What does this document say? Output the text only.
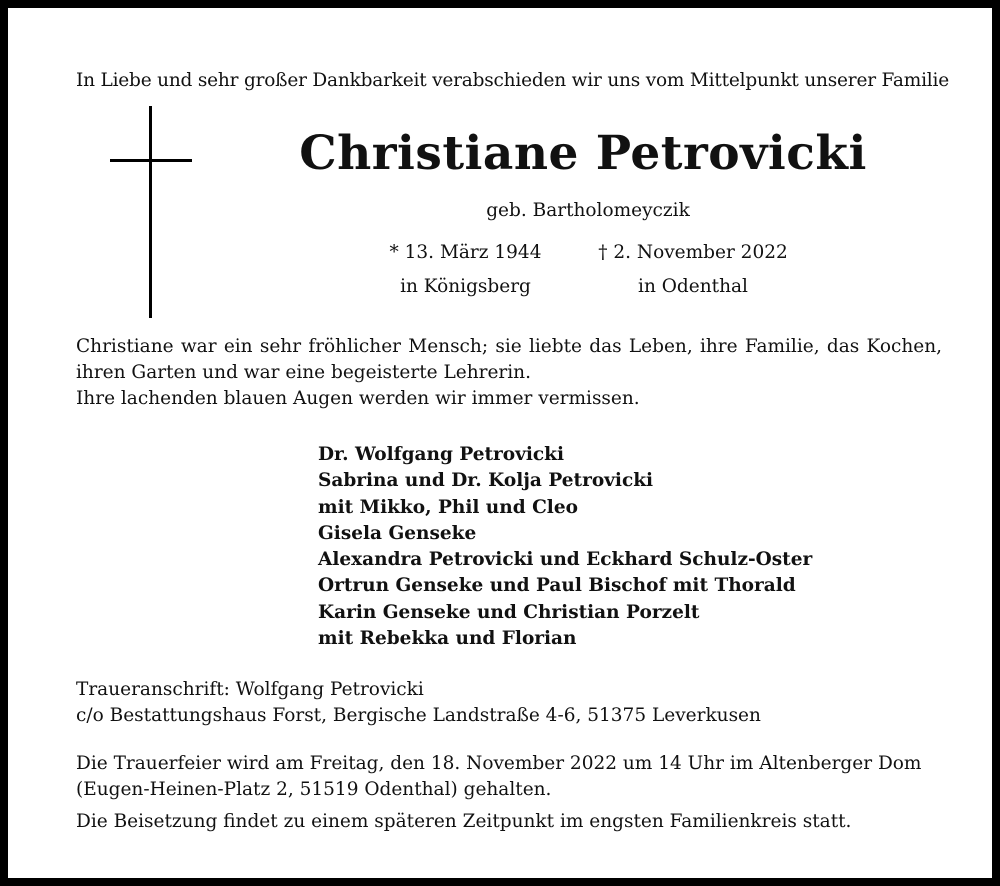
In Liebe und sehr großer Dankbarkeit verabschieden wir uns vom Mittelpunkt unserer Familie
Christiane Petrovicki
geb. Bartholomeyczik
* 13. März 1944
in Königsberg
† 2. November 2022
in Odenthal

Christiane war ein sehr fröhlicher Mensch; sie liebte das Leben, ihre Familie, das Kochen, ihren Garten und war eine begeisterte Lehrerin.

Ihre lachenden blauen Augen werden wir immer vermissen.

Dr. Wolfgang Petrovicki
Sabrina und Dr. Kolja Petrovicki
mit Mikko, Phil und Cleo
Gisela Genseke
Alexandra Petrovicki und Eckhard Schulz-Oster
Ortrun Genseke und Paul Bischof mit Thorald
Karin Genseke und Christian Porzelt
mit Rebekka und Florian
Traueranschrift: Wolfgang Petrovicki
c/o Bestattungshaus Forst, Bergische Landstraße 4-6, 51375 Leverkusen

Die Trauerfeier wird am Freitag, den 18. November 2022 um 14 Uhr im Altenberger Dom (Eugen-Heinen-Platz 2, 51519 Odenthal) gehalten.

Die Beisetzung findet zu einem späteren Zeitpunkt im engsten Familienkreis statt.
